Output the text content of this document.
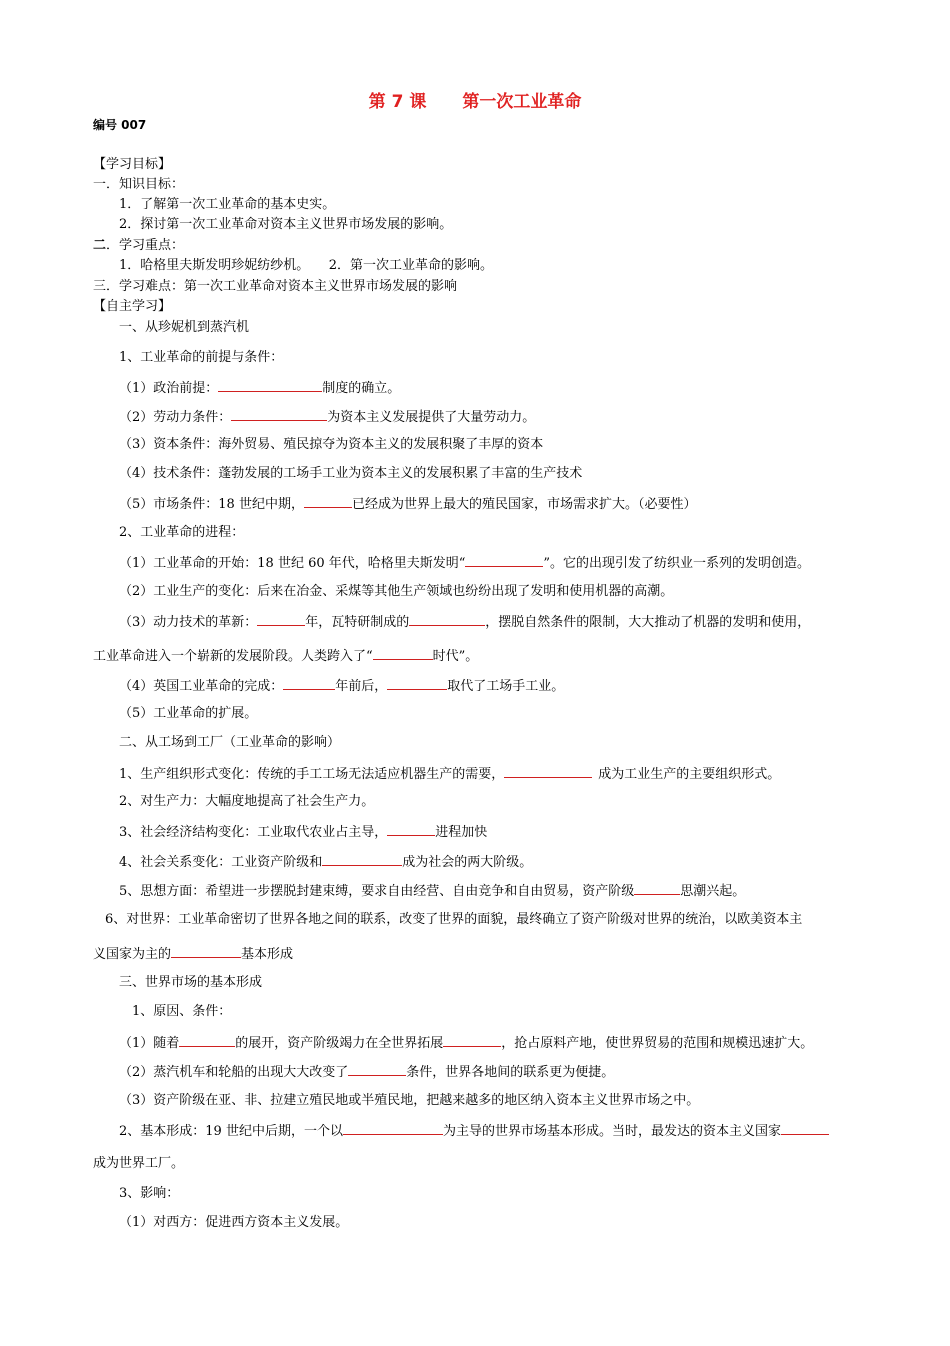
第 7 课 第一次工业革命
编号 007
【学习目标】
一．知识目标：
1．了解第一次工业革命的基本史实。
2．探讨第一次工业革命对资本主义世界市场发展的影响。
二．学习重点：
1．哈格里夫斯发明珍妮纺纱机。　　2．第一次工业革命的影响。
三．学习难点：第一次工业革命对资本主义世界市场发展的影响
【自主学习】
一、从珍妮机到蒸汽机
1、工业革命的前提与条件：
（1）政治前提：	制度的确立。
（2）劳动力条件：	为资本主义发展提供了大量劳动力。
（3）资本条件：海外贸易、殖民掠夺为资本主义的发展积聚了丰厚的资本
（4）技术条件：蓬勃发展的工场手工业为资本主义的发展积累了丰富的生产技术
（5）市场条件：18 世纪中期，	已经成为世界上最大的殖民国家，市场需求扩大。（必要性）
2、工业革命的进程：
（1）工业革命的开始：18 世纪 60 年代，哈格里夫斯发明“	”。它的出现引发了纺织业一系列的发明创造。
（2）工业生产的变化：后来在冶金、采煤等其他生产领域也纷纷出现了发明和使用机器的高潮。
（3）动力技术的革新：	年，瓦特研制成的	，摆脱自然条件的限制，大大推动了机器的发明和使用，
工业革命进入一个崭新的发展阶段。人类跨入了“	时代”。
（4）英国工业革命的完成：	年前后，	取代了工场手工业。
（5）工业革命的扩展。
二、从工场到工厂（工业革命的影响）
1、生产组织形式变化：传统的手工工场无法适应机器生产的需要，	成为工业生产的主要组织形式。
2、对生产力：大幅度地提高了社会生产力。
3、社会经济结构变化：工业取代农业占主导，	进程加快
4、社会关系变化：工业资产阶级和	成为社会的两大阶级。
5、思想方面：希望进一步摆脱封建束缚，要求自由经营、自由竞争和自由贸易，资产阶级	思潮兴起。
6、对世界：工业革命密切了世界各地之间的联系，改变了世界的面貌，最终确立了资产阶级对世界的统治，以欧美资本主
义国家为主的	基本形成
三、世界市场的基本形成
1、原因、条件：
（1）随着	的展开，资产阶级竭力在全世界拓展	，抢占原料产地，使世界贸易的范围和规模迅速扩大。
（2）蒸汽机车和轮船的出现大大改变了	条件，世界各地间的联系更为便捷。
（3）资产阶级在亚、非、拉建立殖民地或半殖民地，把越来越多的地区纳入资本主义世界市场之中。
2、基本形成：19 世纪中后期，一个以	为主导的世界市场基本形成。当时，最发达的资本主义国家
成为世界工厂。
3、影响：
（1）对西方：促进西方资本主义发展。
